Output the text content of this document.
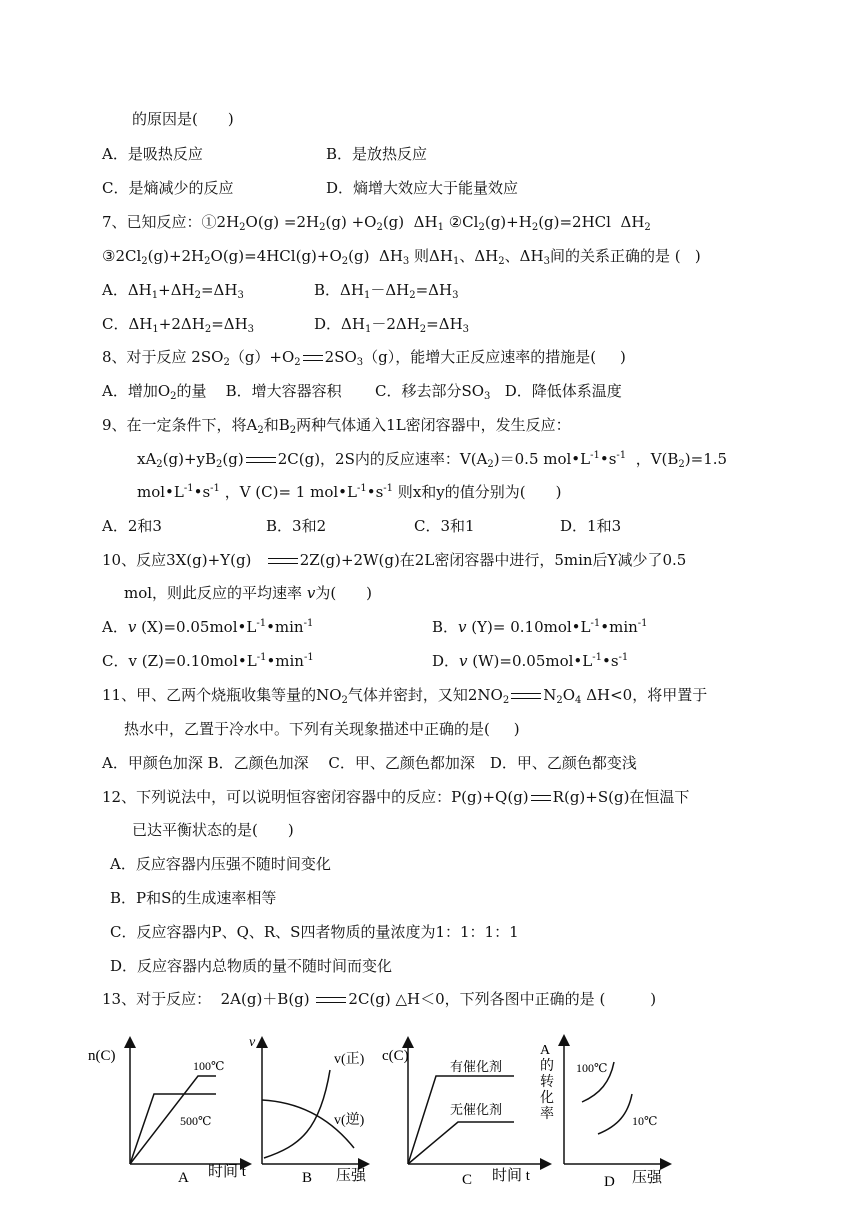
的原因是(　　)
A．是吸热反应	B．是放热反应
C．是熵减少的反应	D．熵增大效应大于能量效应
7、已知反应：$①2H_2O(g) =2H_2(g) +O_2(g)$  $\Delta H_1$ $②Cl_2(g)+H_2(g)=2HCl$  $\Delta H_2$
$③2Cl_2(g)+2H_2O(g)=4HCl(g)+O_2(g)$  $\Delta H_3$ 则$\Delta H_1$、$\Delta H_2$、$\Delta H_3$间的关系正确的是 (   )
A．$\Delta H_1+\Delta H_2=\Delta H_3$	B．$\Delta H_1-\Delta H_2=\Delta H_3$
C．$\Delta H_1+2\Delta H_2=\Delta H_3$	D．$\Delta H_1-2\Delta H_2=\Delta H_3$
8、对于反应 $2SO_2(g)+O_2$ $2SO_3(g)$，能增大正反应速率的措施是(     )
A．增加$O_2$的量    B．增大容器容积       C．移去部分$SO_3$   D．降低体系温度
9、在一定条件下，将$A_2$和$B_2$两种气体通入1L密闭容器中，发生反应：
$xA_2(g)+yB_2(g)$ 2C(g)，2S内的反应速率：$V(A_2)=0.5$ $mol•L^{-1}•s^{-1}$  ，$V(B_2)=1.5$
$mol•L^{-1}•s^{-1}$ ，V (C)= 1 $mol•L^{-1}•s^{-1}$ 则x和y的值分别为(　　)
A．2和3	B．3和2	C．3和1	D．1和3
10、反应3X(g)+Y(g)   2Z(g)+2W(g)在2L密闭容器中进行，5min后Y减少了0.5
mol，则此反应的平均速率 v为(　　)
A．v $(X)=0.05mol•L^{-1}•\min^{-1}$	B．v $(Y)= 0.10mol•L^{-1}•\min^{-1}$
C．v $(Z)=0.10mol•L^{-1}•\min^{-1}$	D．v $(W)=0.05mol•L^{-1}•s^{-1}$
11、甲、乙两个烧瓶收集等量的$NO_2$气体并密封，又知$2NO_2$ $N_2O_4$ ΔH<0，将甲置于
热水中，乙置于冷水中。下列有关现象描述中正确的是(     )
A．甲颜色加深 B．乙颜色加深　 C．甲、乙颜色都加深　D．甲、乙颜色都变浅
12、下列说法中，可以说明恒容密闭容器中的反应：P(g)+Q(g) R(g)+S(g)在恒温下
已达平衡状态的是(　　)
A．反应容器内压强不随时间变化
B．P和S的生成速率相等
C．反应容器内P、Q、R、S四者物质的量浓度为1：1：1：1
D．反应容器内总物质的量不随时间而变化
13、对于反应：  2A(g)＋B(g)	2C(g) △H＜0，下列各图中正确的是 (　　　)
n(C)
100℃
500℃
A 时间 t
v
v(正)
v(逆)
B 压强
c(C)
有催化剂
无催化剂
C 时间 t
A
的
转
化
率
100℃
10℃
D 压强
